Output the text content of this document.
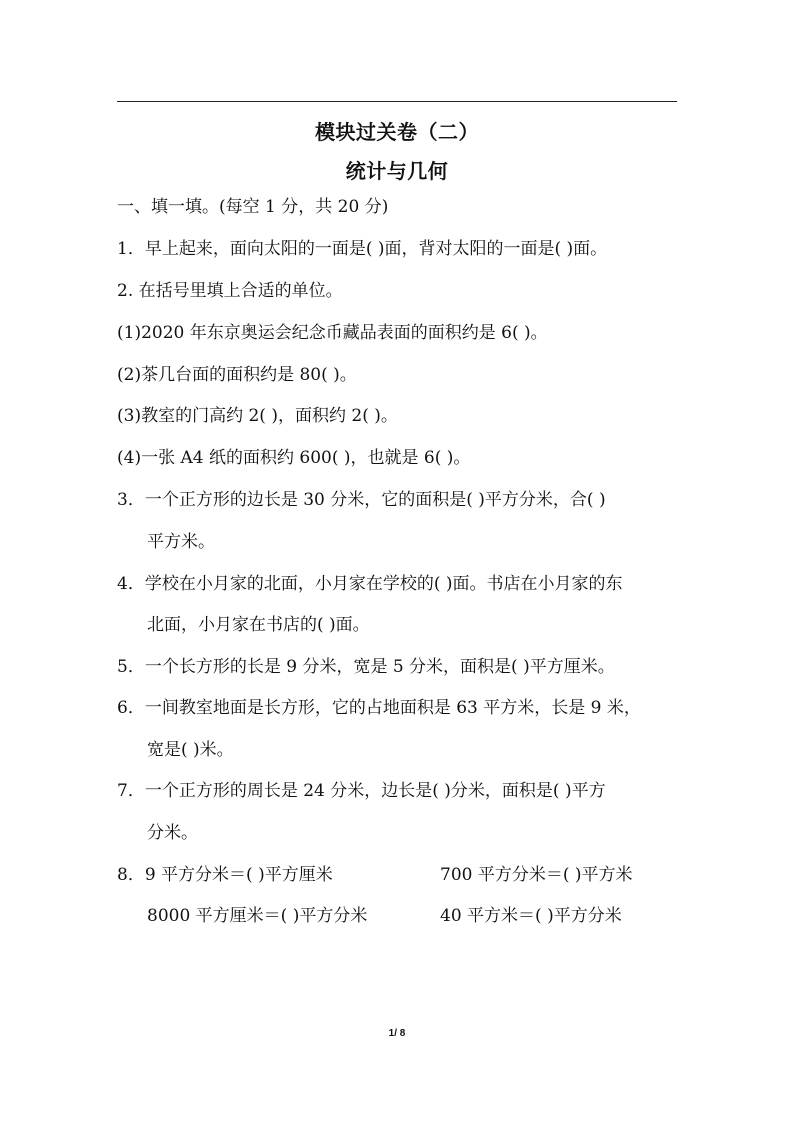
模块过关卷（二）
统计与几何
一、填一填。(每空 1 分，共 20 分)
1．早上起来，面向太阳的一面是( )面，背对太阳的一面是( )面。
2. 在括号里填上合适的单位。
(1)2020 年东京奥运会纪念币藏品表面的面积约是 6( )。
(2)茶几台面的面积约是 80( )。
(3)教室的门高约 2( )，面积约 2( )。
(4)一张 A4 纸的面积约 600( )，也就是 6( )。
3．一个正方形的边长是 30 分米，它的面积是( )平方分米，合( )
平方米。
4．学校在小月家的北面，小月家在学校的( )面。书店在小月家的东
北面，小月家在书店的( )面。
5．一个长方形的长是 9 分米，宽是 5 分米，面积是( )平方厘米。
6．一间教室地面是长方形，它的占地面积是 63 平方米，长是 9 米，
宽是( )米。
7．一个正方形的周长是 24 分米，边长是( )分米，面积是( )平方
分米。
8．9 平方分米＝( )平方厘米	700 平方分米＝( )平方米
8000 平方厘米＝( )平方分米	40 平方米＝( )平方分米
1/ 8
